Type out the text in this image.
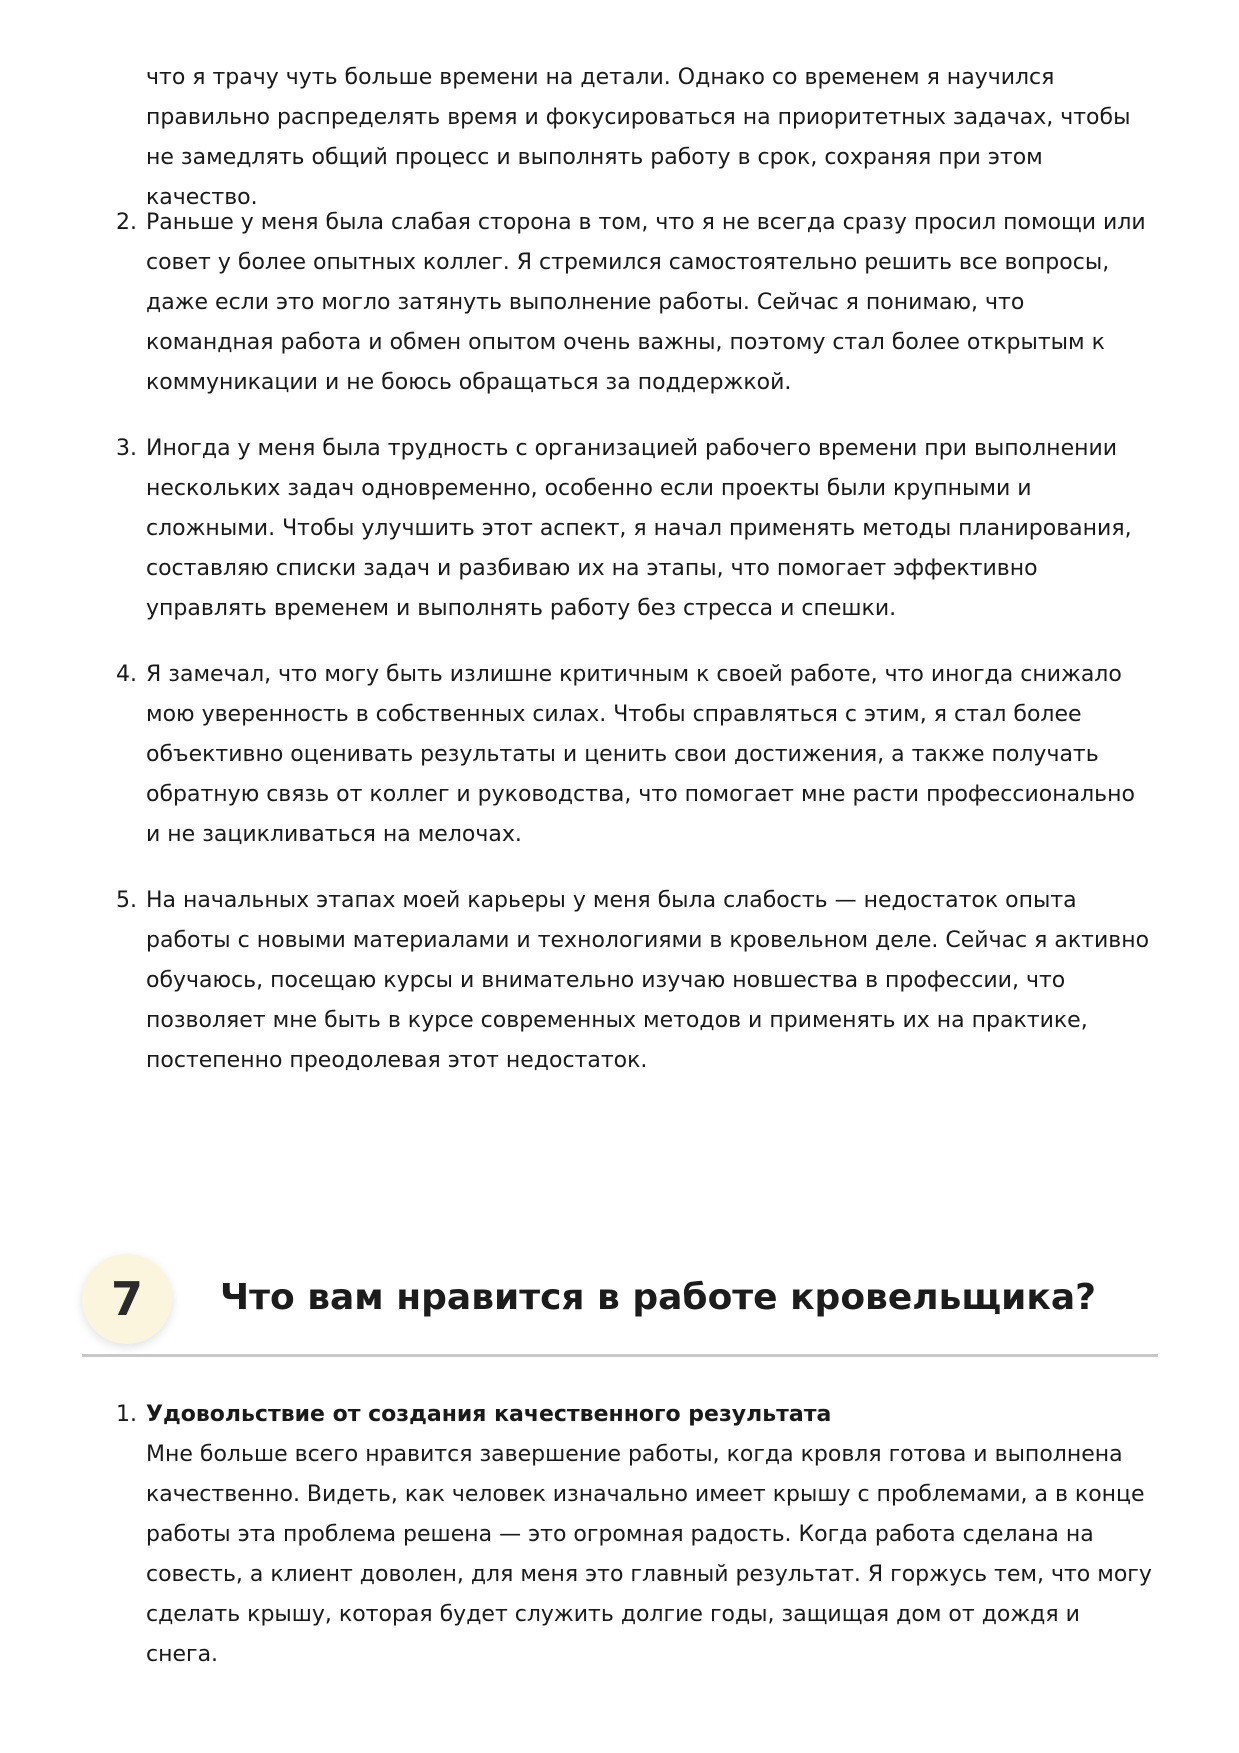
что я трачу чуть больше времени на детали. Однако со временем я научился правильно распределять время и фокусироваться на приоритетных задачах, чтобы не замедлять общий процесс и выполнять работу в срок, сохраняя при этом качество.

2. Раньше у меня была слабая сторона в том, что я не всегда сразу просил помощи или совет у более опытных коллег. Я стремился самостоятельно решить все вопросы, даже если это могло затянуть выполнение работы. Сейчас я понимаю, что командная работа и обмен опытом очень важны, поэтому стал более открытым к коммуникации и не боюсь обращаться за поддержкой.
3. Иногда у меня была трудность с организацией рабочего времени при выполнении нескольких задач одновременно, особенно если проекты были крупными и сложными. Чтобы улучшить этот аспект, я начал применять методы планирования, составляю списки задач и разбиваю их на этапы, что помогает эффективно управлять временем и выполнять работу без стресса и спешки.
4. Я замечал, что могу быть излишне критичным к своей работе, что иногда снижало мою уверенность в собственных силах. Чтобы справляться с этим, я стал более объективно оценивать результаты и ценить свои достижения, а также получать обратную связь от коллег и руководства, что помогает мне расти профессионально и не зацикливаться на мелочах.
5. На начальных этапах моей карьеры у меня была слабость — недостаток опыта работы с новыми материалами и технологиями в кровельном деле. Сейчас я активно обучаюсь, посещаю курсы и внимательно изучаю новшества в профессии, что позволяет мне быть в курсе современных методов и применять их на практике, постепенно преодолевая этот недостаток.
7	Что вам нравится в работе кровельщика?
1. Удовольствие от создания качественного результата
Мне больше всего нравится завершение работы, когда кровля готова и выполнена качественно. Видеть, как человек изначально имеет крышу с проблемами, а в конце работы эта проблема решена — это огромная радость. Когда работа сделана на совесть, а клиент доволен, для меня это главный результат. Я горжусь тем, что могу сделать крышу, которая будет служить долгие годы, защищая дом от дождя и снега.
